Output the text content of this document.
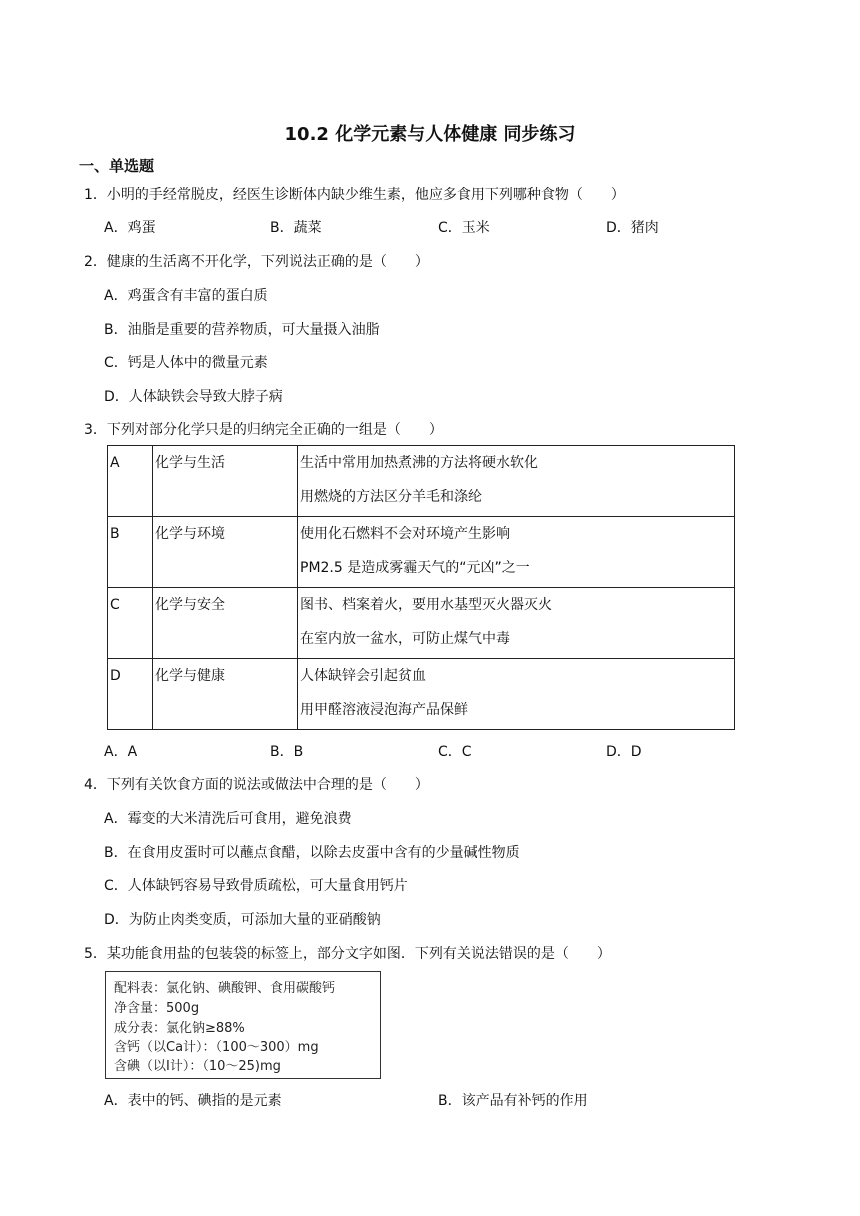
10.2 化学元素与人体健康 同步练习
一、单选题
1．小明的手经常脱皮，经医生诊断体内缺少维生素，他应多食用下列哪种食物（　　）
A．鸡蛋	B．蔬菜	C．玉米	D．猪肉
2．健康的生活离不开化学，下列说法正确的是（　　）
A．鸡蛋含有丰富的蛋白质
B．油脂是重要的营养物质，可大量摄入油脂
C．钙是人体中的微量元素
D．人体缺铁会导致大脖子病
3．下列对部分化学只是的归纳完全正确的一组是（　　）
A	化学与生活	生活中常用加热煮沸的方法将硬水软化
用燃烧的方法区分羊毛和涤纶

B	化学与环境	使用化石燃料不会对环境产生影响
PM2.5 是造成雾霾天气的“元凶”之一

C	化学与安全	图书、档案着火，要用水基型灭火器灭火
在室内放一盆水，可防止煤气中毒

D	化学与健康	人体缺锌会引起贫血
用甲醛溶液浸泡海产品保鲜
A．A	B．B	C．C	D．D
4．下列有关饮食方面的说法或做法中合理的是（　　）
A．霉变的大米清洗后可食用，避免浪费
B．在食用皮蛋时可以蘸点食醋，以除去皮蛋中含有的少量碱性物质
C．人体缺钙容易导致骨质疏松，可大量食用钙片
D．为防止肉类变质，可添加大量的亚硝酸钠
5．某功能食用盐的包装袋的标签上，部分文字如图．下列有关说法错误的是（　　）
配料表：氯化钠、碘酸钾、食用碳酸钙
净含量：500g
成分表：氯化钠≥88%
含钙（以Ca计）：（100～300）mg
含碘（以I计）：（10～25)mg
A．表中的钙、碘指的是元素	B．该产品有补钙的作用
